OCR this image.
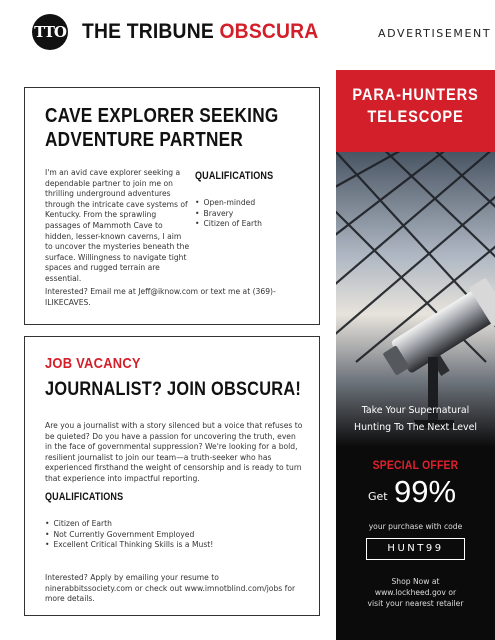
TTO THE TRIBUNE OBSCURA	ADVERTISEMENT
CAVE EXPLORER SEEKING
ADVENTURE PARTNER

I'm an avid cave explorer seeking a dependable partner to join me on thrilling underground adventures through the intricate cave systems of Kentucky. From the sprawling passages of Mammoth Cave to hidden, lesser-known caverns, I aim to uncover the mysteries beneath the surface. Willingness to navigate tight spaces and rugged terrain are essential.

QUALIFICATIONS
• Open-minded
• Bravery
• Citizen of Earth

Interested? Email me at Jeff@iknow.com or text me at (369)-ILIKECAVES.

JOB VACANCY
JOURNALIST? JOIN OBSCURA!

Are you a journalist with a story silenced but a voice that refuses to be quieted? Do you have a passion for uncovering the truth, even in the face of governmental suppression? We're looking for a bold, resilient journalist to join our team—a truth-seeker who has experienced firsthand the weight of censorship and is ready to turn that experience into impactful reporting.

QUALIFICATIONS
• Citizen of Earth
• Not Currently Government Employed
• Excellent Critical Thinking Skills is a Must!

Interested? Apply by emailing your resume to ninerabbitssociety.com or check out www.imnotblind.com/jobs for more details.

PARA-HUNTERS
TELESCOPE
Take Your Supernatural
Hunting To The Next Level
SPECIAL OFFER
Get 99%
your purchase with code
HUNT99
Shop Now at
www.lockheed.gov or
visit your nearest retailer
